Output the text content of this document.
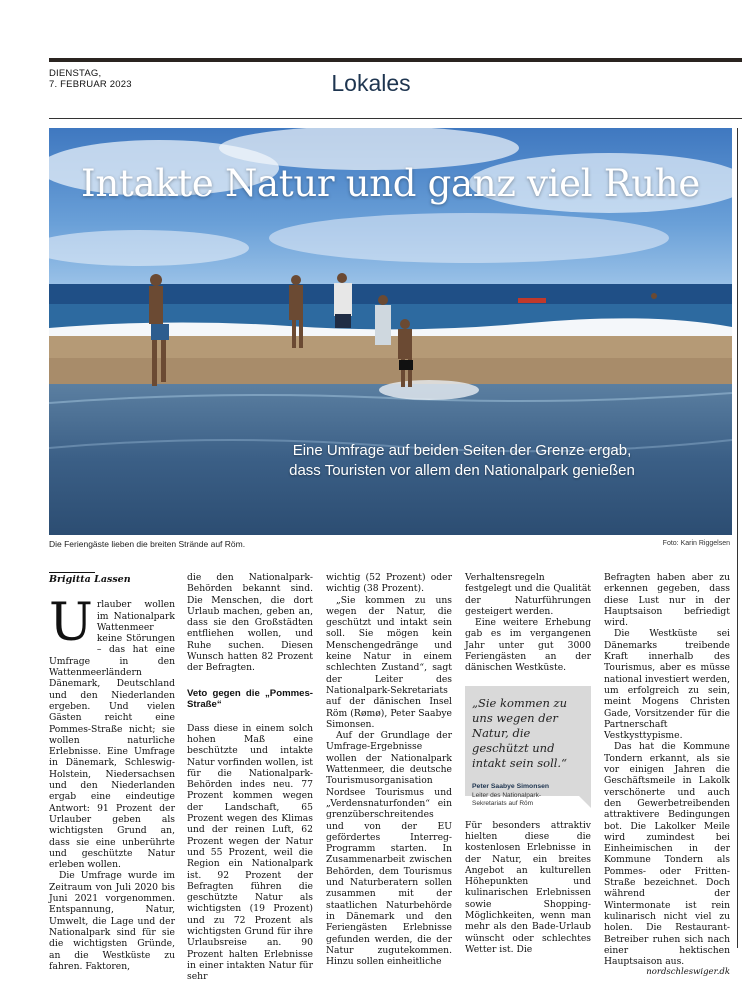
DIENSTAG,
7. FEBRUAR 2023	Lokales
Intakte Natur und ganz viel Ruhe
Eine Umfrage auf beiden Seiten der Grenze ergab,
dass Touristen vor allem den Nationalpark genießen
Die Feriengäste lieben die breiten Strände auf Röm.	Foto: Karin Riggelsen
Brigitta Lassen

Urlauber wollen im Nationalpark Wattenmeer keine Störungen – das hat eine Umfrage in den Wattenmeerländern Dänemark, Deutschland und den Niederlanden ergeben. Und vielen Gästen reicht eine Pommes-Straße nicht; sie wollen naturliche Erlebnisse. Eine Umfrage in Dänemark, Schleswig-Holstein, Niedersachsen und den Niederlanden ergab eine eindeutige Antwort: 91 Prozent der Urlauber geben als wichtigsten Grund an, dass sie eine unberührte und geschützte Natur erleben wollen.

Die Umfrage wurde im Zeitraum von Juli 2020 bis Juni 2021 vorgenommen. Entspannung, Natur, Umwelt, die Lage und der Nationalpark sind für sie die wichtigsten Gründe, an die Westküste zu fahren. Faktoren,

die den Nationalpark-Behörden bekannt sind. Die Menschen, die dort Urlaub machen, geben an, dass sie den Großstädten entfliehen wollen, und Ruhe suchen. Diesen Wunsch hatten 82 Prozent der Befragten.

Veto gegen die „Pommes-Straße“

Dass diese in einem solch hohen Maß eine beschützte und intakte Natur vorfinden wollen, ist für die Nationalpark-Behörden indes neu. 77 Prozent kommen wegen der Landschaft, 65 Prozent wegen des Klimas und der reinen Luft, 62 Prozent wegen der Natur und 55 Prozent, weil die Region ein Nationalpark ist. 92 Prozent der Befragten führen die geschützte Natur als wichtigsten (19 Prozent) und zu 72 Prozent als wichtigsten Grund für ihre Urlaubsreise an. 90 Prozent halten Erlebnisse in einer intakten Natur für sehr

wichtig (52 Prozent) oder wichtig (38 Prozent).

„Sie kommen zu uns wegen der Natur, die geschützt und intakt sein soll. Sie mögen kein Menschengedränge und keine Natur in einem schlechten Zustand“, sagt der Leiter des Nationalpark-Sekretariats auf der dänischen Insel Röm (Rømø), Peter Saabye Simonsen.

Auf der Grundlage der Umfrage-Ergebnisse wollen der Nationalpark Wattenmeer, die deutsche Tourismusorganisation Nordsee Tourismus und „Verdensnaturfonden“ ein grenzüberschreitendes und von der EU gefördertes Interreg-Programm starten. In Zusammenarbeit zwischen Behörden, dem Tourismus und Naturberatern sollen zusammen mit der staatlichen Naturbehörde in Dänemark und den Feriengästen Erlebnisse gefunden werden, die der Natur zugutekommen. Hinzu sollen einheitliche

Verhaltensregeln festgelegt und die Qualität der Naturführungen gesteigert werden.

Eine weitere Erhebung gab es im vergangenen Jahr unter gut 3000 Feriengästen an der dänischen Westküste.

„Sie kommen zu uns wegen der Natur, die geschützt und intakt sein soll.“
Peter Saabye Simonsen
Leiter des Nationalpark-
Sekretariats auf Röm

Für besonders attraktiv hielten diese die kostenlosen Erlebnisse in der Natur, ein breites Angebot an kulturellen Höhepunkten und kulinarischen Erlebnissen sowie Shopping-Möglichkeiten, wenn man mehr als den Bade-Urlaub wünscht oder schlechtes Wetter ist. Die

Befragten haben aber zu erkennen gegeben, dass diese Lust nur in der Hauptsaison befriedigt wird.

Die Westküste sei Dänemarks treibende Kraft innerhalb des Tourismus, aber es müsse national investiert werden, um erfolgreich zu sein, meint Mogens Christen Gade, Vorsitzender für die Partnerschaft Vestkysttурisme.

Das hat die Kommune Tondern erkannt, als sie vor einigen Jahren die Geschäftsmeile in Lakolk verschönerte und auch den Gewerbetreibenden attraktivere Bedingungen bot. Die Lakolker Meile wird zumindest bei Einheimischen in der Kommune Tondern als Pommes- oder Fritten-Straße bezeichnet. Doch während der Wintermonate ist rein kulinarisch nicht viel zu holen. Die Restaurant-Betreiber ruhen sich nach einer hektischen Hauptsaison aus.

nordschleswiger.dk
